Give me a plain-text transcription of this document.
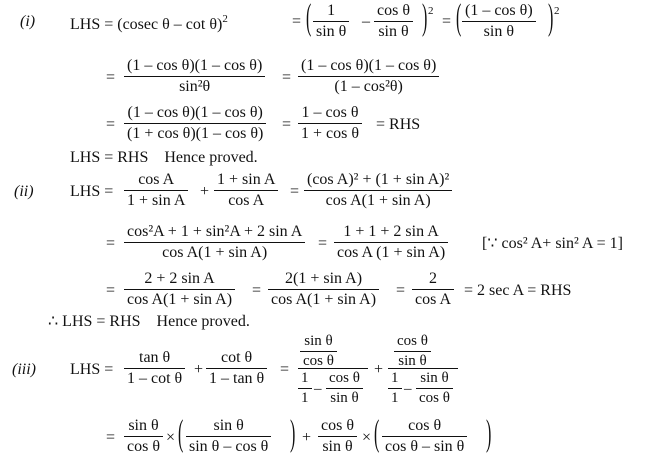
(i) LHS = (cosec θ – cot θ)$^2$	= ( 1
sin θ
–
cos θ
sin θ ) 2
= ( (1 – cos θ)
sin θ	) 2
=
(1 – cos θ)(1 – cos θ)
sin²θ
=
(1 – cos θ)(1 – cos θ)
(1 – cos²θ)
=
(1 – cos θ)(1 – cos θ)
(1 + cos θ)(1 – cos θ)
=
1 – cos θ
1 + cos θ
= RHS
LHS = RHS    Hence proved.
(ii) LHS =
cos A
1 + sin A
+
1 + sin A
cos A
=
(cos A)² + (1 + sin A)²
cos A(1 + sin A)
=
cos²A + 1 + sin²A + 2 sin A
cos A(1 + sin A)
=
1 + 1 + 2 sin A
cos A (1 + sin A)
[∵ cos² A+ sin² A = 1]
=
2 + 2 sin A
cos A(1 + sin A)
=
2(1 + sin A)
cos A(1 + sin A)
=
2
cos A
= 2 sec A = RHS
∴ LHS = RHS    Hence proved.
(iii) LHS =
tan θ
1 – cot θ
+
cot θ
1 – tan θ
=
sin θ
cos θ
1
1
–
cos θ
sin θ
+
cos θ
sin θ
1
1
–
sin θ
cos θ
=
sin θ
cos θ
× (	sin θ
sin θ – cos θ ) +
cos θ
sin θ
× (	cos θ
cos θ – sin θ )
